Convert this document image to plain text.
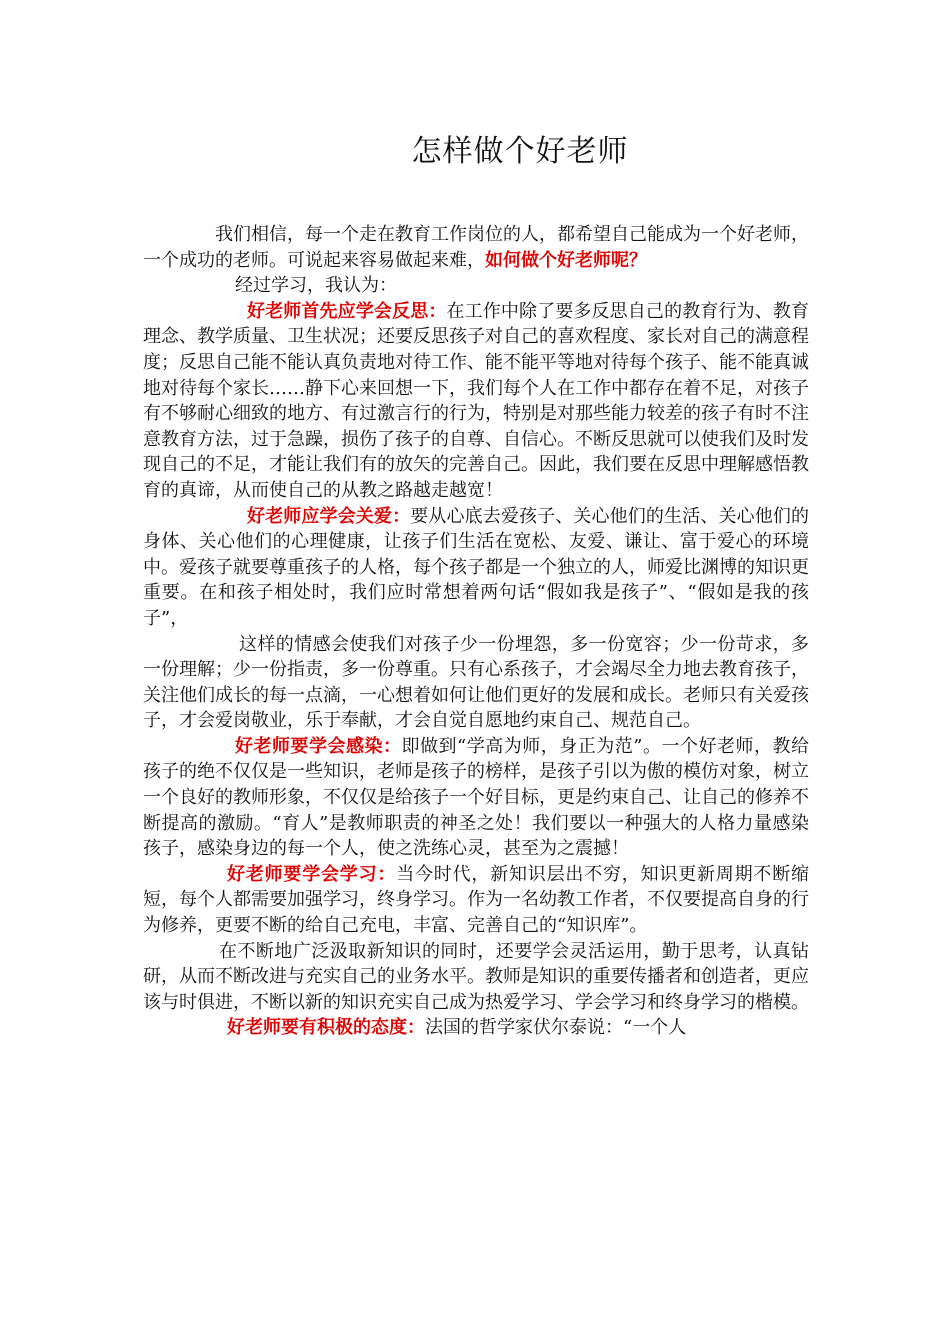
怎样做个好老师

我们相信，每一个走在教育工作岗位的人，都希望自己能成为一个好老师，一个成功的老师。可说起来容易做起来难，如何做个好老师呢？

经过学习，我认为：

好老师首先应学会反思：在工作中除了要多反思自己的教育行为、教育理念、教学质量、卫生状况；还要反思孩子对自己的喜欢程度、家长对自己的满意程度；反思自己能不能认真负责地对待工作、能不能平等地对待每个孩子、能不能真诚地对待每个家长……静下心来回想一下，我们每个人在工作中都存在着不足，对孩子有不够耐心细致的地方、有过激言行的行为，特别是对那些能力较差的孩子有时不注意教育方法，过于急躁，损伤了孩子的自尊、自信心。不断反思就可以使我们及时发现自己的不足，才能让我们有的放矢的完善自己。因此，我们要在反思中理解感悟教育的真谛，从而使自己的从教之路越走越宽！

好老师应学会关爱：要从心底去爱孩子、关心他们的生活、关心他们的身体、关心他们的心理健康，让孩子们生活在宽松、友爱、谦让、富于爱心的环境中。爱孩子就要尊重孩子的人格，每个孩子都是一个独立的人，师爱比渊博的知识更重要。在和孩子相处时，我们应时常想着两句话“假如我是孩子”、“假如是我的孩子”，

这样的情感会使我们对孩子少一份埋怨，多一份宽容；少一份苛求，多一份理解；少一份指责，多一份尊重。只有心系孩子，才会竭尽全力地去教育孩子，关注他们成长的每一点滴，一心想着如何让他们更好的发展和成长。老师只有关爱孩子，才会爱岗敬业，乐于奉献，才会自觉自愿地约束自己、规范自己。

好老师要学会感染：即做到“学高为师，身正为范”。一个好老师，教给孩子的绝不仅仅是一些知识，老师是孩子的榜样，是孩子引以为傲的模仿对象，树立一个良好的教师形象，不仅仅是给孩子一个好目标，更是约束自己、让自己的修养不断提高的激励。“育人”是教师职责的神圣之处！我们要以一种强大的人格力量感染孩子，感染身边的每一个人，使之洗练心灵，甚至为之震撼！

好老师要学会学习：当今时代，新知识层出不穷，知识更新周期不断缩短，每个人都需要加强学习，终身学习。作为一名幼教工作者，不仅要提高自身的行为修养，更要不断的给自己充电，丰富、完善自己的“知识库”。

在不断地广泛汲取新知识的同时，还要学会灵活运用，勤于思考，认真钻研，从而不断改进与充实自己的业务水平。教师是知识的重要传播者和创造者，更应该与时俱进，不断以新的知识充实自己成为热爱学习、学会学习和终身学习的楷模。

好老师要有积极的态度：法国的哲学家伏尔泰说：“一个人
